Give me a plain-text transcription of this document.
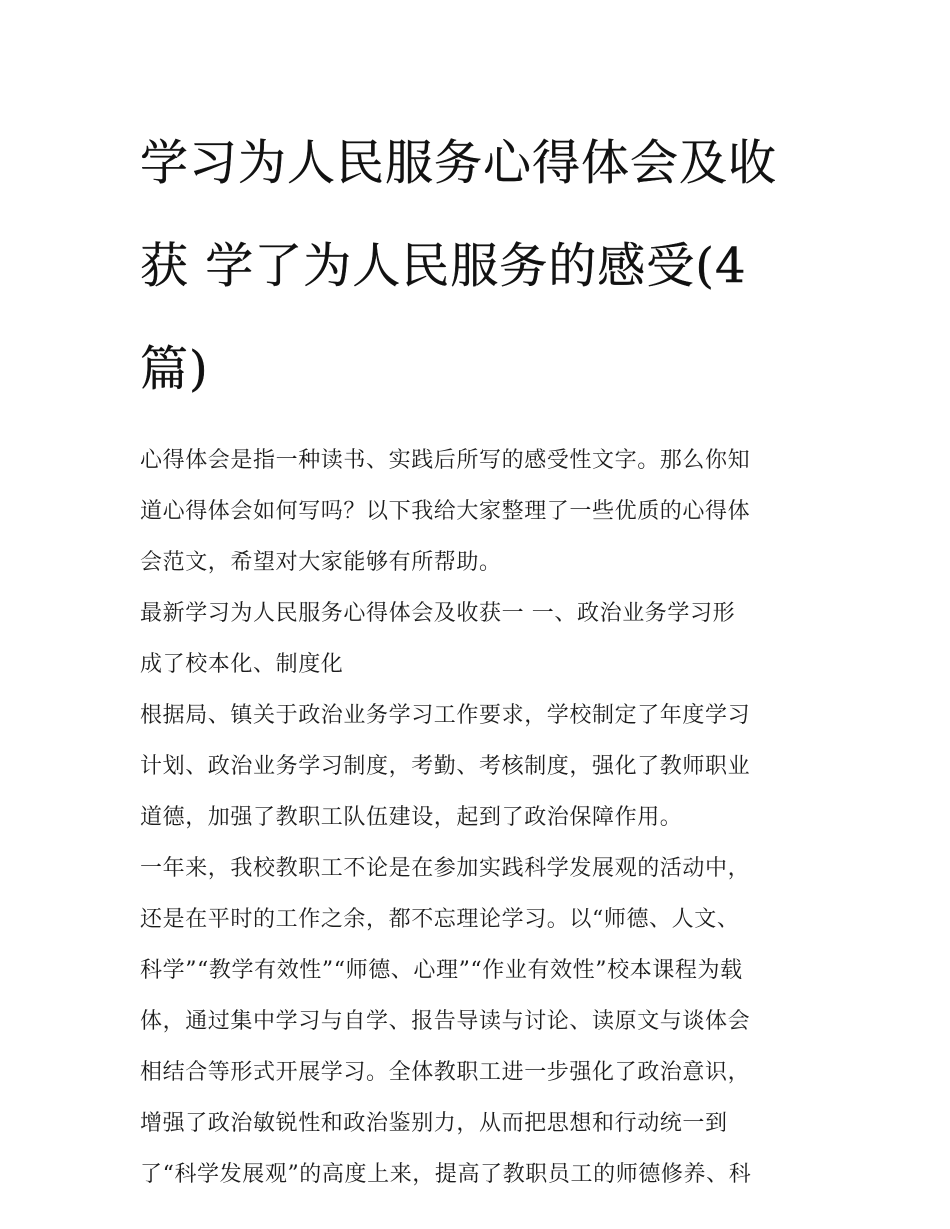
学习为人民服务心得体会及收
获 学了为人民服务的感受(4
篇)
心得体会是指一种读书、实践后所写的感受性文字。那么你知
道心得体会如何写吗？以下我给大家整理了一些优质的心得体
会范文，希望对大家能够有所帮助。
最新学习为人民服务心得体会及收获一 一、政治业务学习形
成了校本化、制度化
根据局、镇关于政治业务学习工作要求，学校制定了年度学习
计划、政治业务学习制度，考勤、考核制度，强化了教师职业
道德，加强了教职工队伍建设，起到了政治保障作用。
一年来，我校教职工不论是在参加实践科学发展观的活动中，
还是在平时的工作之余，都不忘理论学习。以“师德、人文、
科学”“教学有效性”“师德、心理”“作业有效性”校本课程为载
体，通过集中学习与自学、报告导读与讨论、读原文与谈体会
相结合等形式开展学习。全体教职工进一步强化了政治意识，
增强了政治敏锐性和政治鉴别力，从而把思想和行动统一到
了“科学发展观”的高度上来，提高了教职员工的师德修养、科
